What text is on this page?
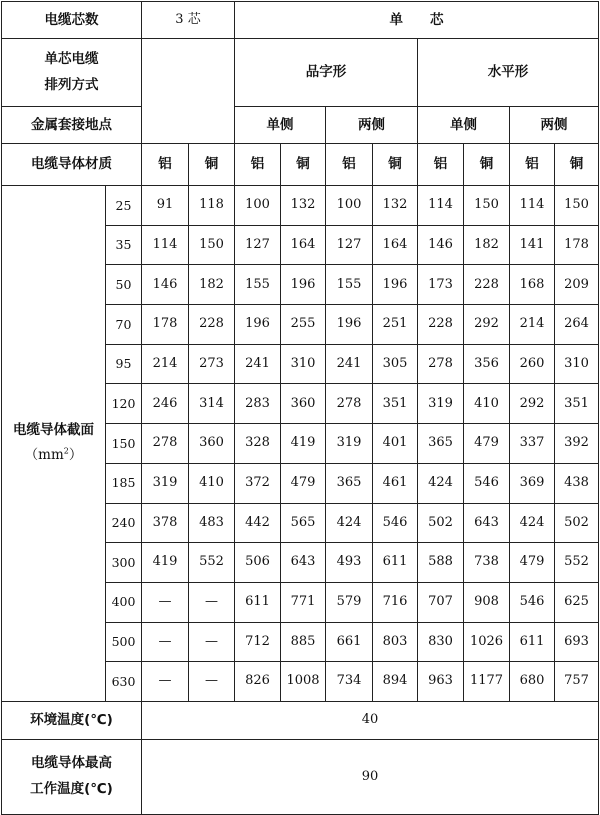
电缆芯数		3 芯		单　　芯							
单芯电缆
排列方式				品字形				水平形			
金属套接地点				单侧		两侧		单侧		两侧	
电缆导体材质		铝	铜	铝	铜	铝	铜	铝	铜	铝	铜
电缆导体截面
$(mm^2)$	25	91	118	100	132	100	132	114	150	114	150
	35	114	150	127	164	127	164	146	182	141	178
	50	146	182	155	196	155	196	173	228	168	209
	70	178	228	196	255	196	251	228	292	214	264
	95	214	273	241	310	241	305	278	356	260	310
	120	246	314	283	360	278	351	319	410	292	351
	150	278	360	328	419	319	401	365	479	337	392
	185	319	410	372	479	365	461	424	546	369	438
	240	378	483	442	565	424	546	502	643	424	502
	300	419	552	506	643	493	611	588	738	479	552
	400	—	—	611	771	579	716	707	908	546	625
	500	—	—	712	885	661	803	830	1026	611	693
	630	—	—	826	1008	734	894	963	1177	680	757
环境温度(℃)		40									
电缆导体最高
工作温度(℃)		90									
